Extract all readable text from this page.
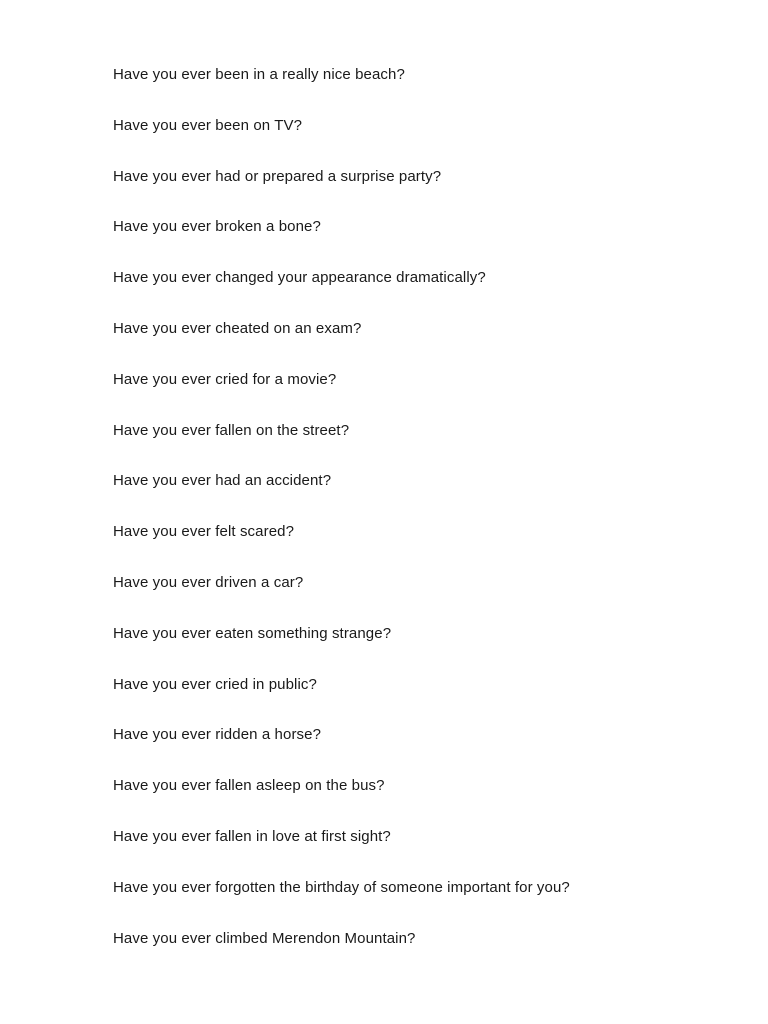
Have you ever been in a really nice beach?
Have you ever been on TV?
Have you ever had or prepared a surprise party?
Have you ever broken a bone?
Have you ever changed your appearance dramatically?
Have you ever cheated on an exam?
Have you ever cried for a movie?
Have you ever fallen on the street?
Have you ever had an accident?
Have you ever felt scared?
Have you ever driven a car?
Have you ever eaten something strange?
Have you ever cried in public?
Have you ever ridden a horse?
Have you ever fallen asleep on the bus?
Have you ever fallen in love at first sight?
Have you ever forgotten the birthday of someone important for you?
Have you ever climbed Merendon Mountain?
